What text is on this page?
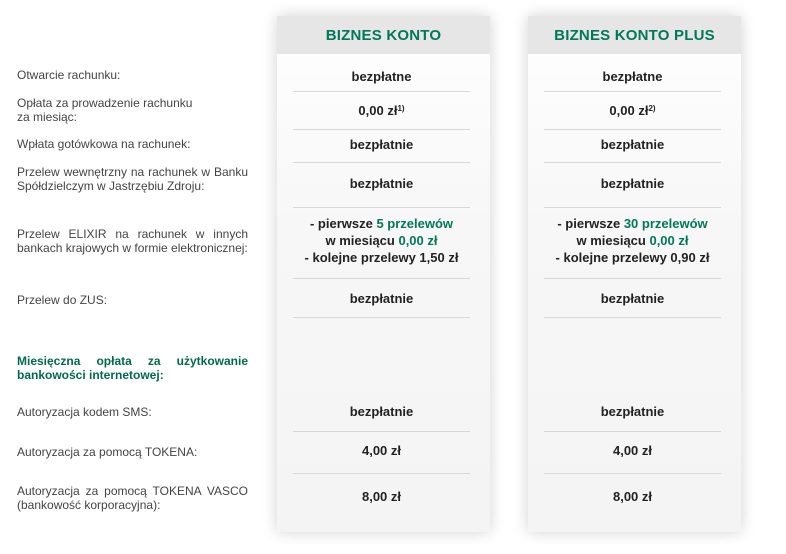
Otwarcie rachunku:
Opłata za prowadzenie rachunku
za miesiąc:
Wpłata gotówkowa na rachunek:
Przelew wewnętrzny na rachunek w Banku Spółdzielczym w Jastrzębiu Zdroju:
Przelew ELIXIR na rachunek w innych bankach krajowych w formie elektronicznej:
Przelew do ZUS:
Miesięczna opłata za użytkowanie bankowości internetowej:
Autoryzacja kodem SMS:
Autoryzacja za pomocą TOKENA:
Autoryzacja za pomocą TOKENA VASCO (bankowość korporacyjna):
BIZNES KONTO
bezpłatne
0,00 $zł^{1)}$
bezpłatnie
bezpłatnie
- pierwsze 5 przelewów
w miesiącu 0,00 zł
- kolejne przelewy 1,50 zł
bezpłatnie
bezpłatnie
4,00 zł
8,00 zł
BIZNES KONTO PLUS
bezpłatne
0,00 $zł^{2)}$
bezpłatnie
bezpłatnie
- pierwsze 30 przelewów
w miesiącu 0,00 zł
- kolejne przelewy 0,90 zł
bezpłatnie
bezpłatnie
4,00 zł
8,00 zł
